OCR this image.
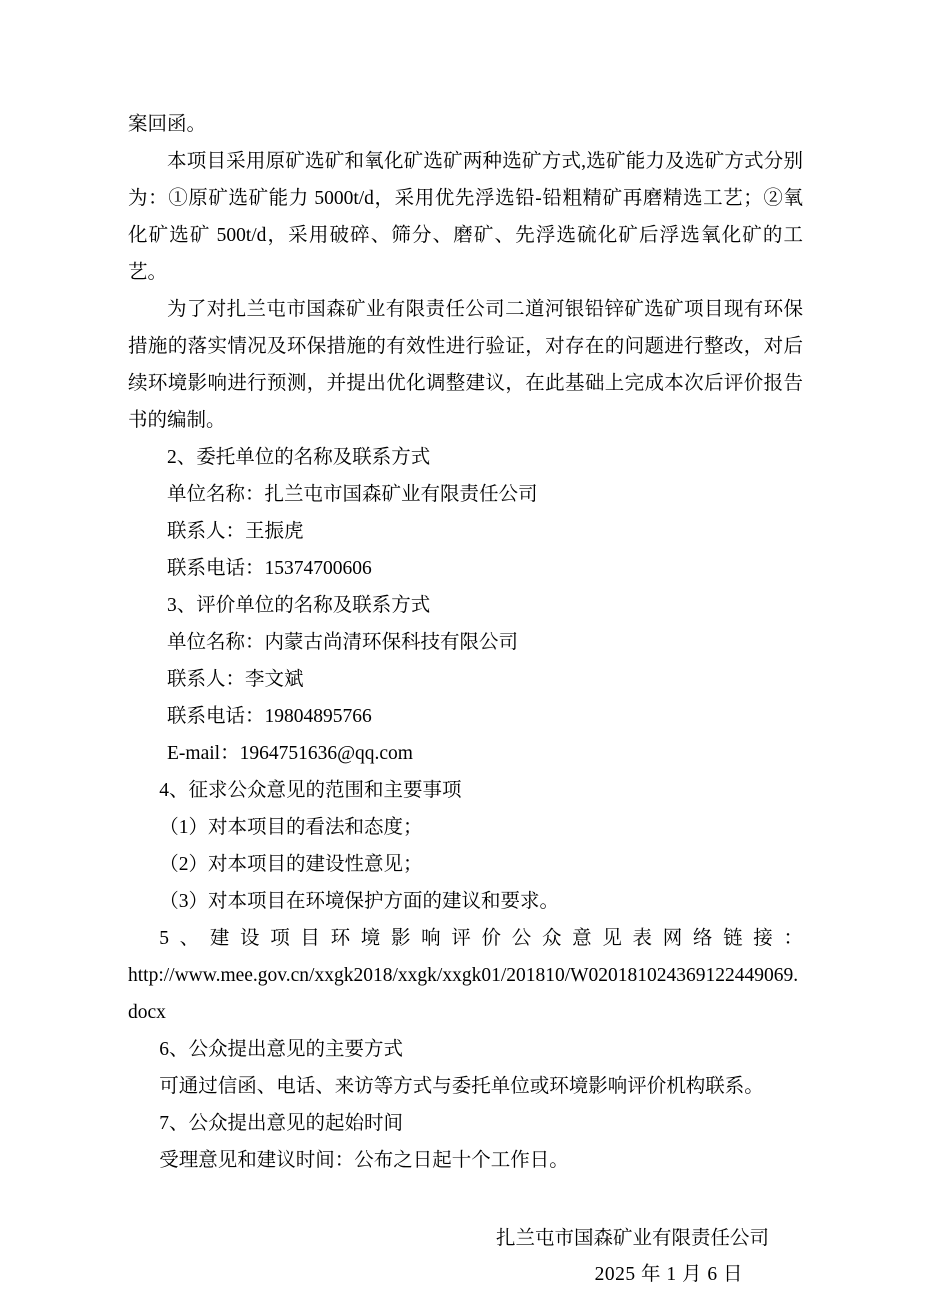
案回函。

本项目采用原矿选矿和氧化矿选矿两种选矿方式,选矿能力及选矿方式分别为：①原矿选矿能力 5000t/d，采用优先浮选铅-铅粗精矿再磨精选工艺；②氧化矿选矿 500t/d，采用破碎、筛分、磨矿、先浮选硫化矿后浮选氧化矿的工艺。

为了对扎兰屯市国森矿业有限责任公司二道河银铅锌矿选矿项目现有环保措施的落实情况及环保措施的有效性进行验证，对存在的问题进行整改，对后续环境影响进行预测，并提出优化调整建议，在此基础上完成本次后评价报告书的编制。

2、委托单位的名称及联系方式

单位名称：扎兰屯市国森矿业有限责任公司

联系人：王振虎

联系电话：15374700606

3、评价单位的名称及联系方式

单位名称：内蒙古尚清环保科技有限公司

联系人：李文斌

联系电话：19804895766

E-mail：1964751636@qq.com

4、征求公众意见的范围和主要事项

（1）对本项目的看法和态度；

（2）对本项目的建设性意见；

（3）对本项目在环境保护方面的建议和要求。

5、建设项目环境影响评价公众意见表网络链接：

http://www.mee.gov.cn/xxgk2018/xxgk/xxgk01/201810/W020181024369122449069.docx

6、公众提出意见的主要方式

可通过信函、电话、来访等方式与委托单位或环境影响评价机构联系。

7、公众提出意见的起始时间

受理意见和建议时间：公布之日起十个工作日。

扎兰屯市国森矿业有限责任公司
2025 年 1 月 6 日
